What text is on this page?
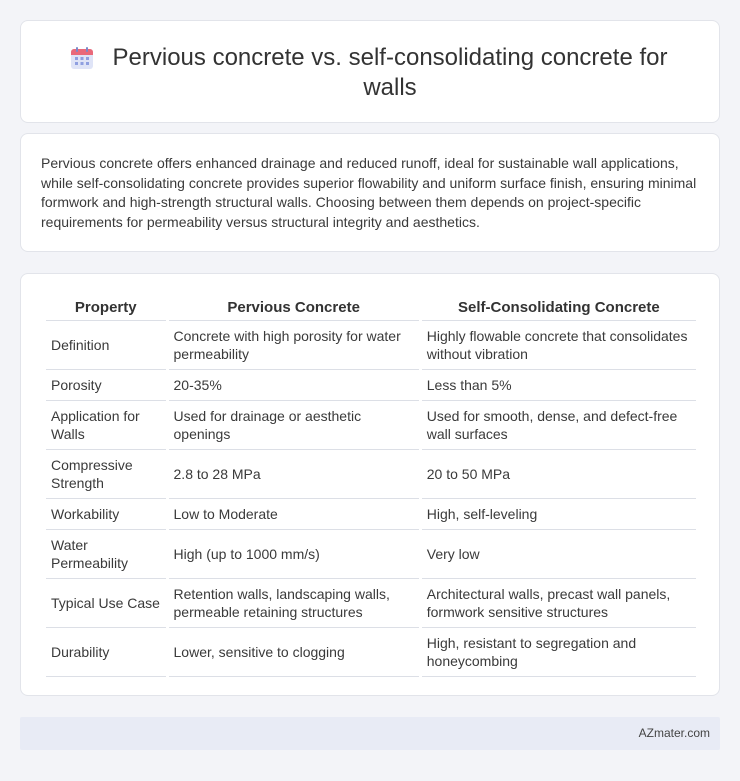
Pervious concrete vs. self-consolidating concrete for walls

Pervious concrete offers enhanced drainage and reduced runoff, ideal for sustainable wall applications, while self-consolidating concrete provides superior flowability and uniform surface finish, ensuring minimal formwork and high-strength structural walls. Choosing between them depends on project-specific requirements for permeability versus structural integrity and aesthetics.

Property	Pervious Concrete	Self-Consolidating Concrete
Definition	Concrete with high porosity for water permeability	Highly flowable concrete that consolidates without vibration
Porosity	20-35%	Less than 5%
Application for Walls	Used for drainage or aesthetic openings	Used for smooth, dense, and defect-free wall surfaces
Compressive Strength	2.8 to 28 MPa	20 to 50 MPa
Workability	Low to Moderate	High, self-leveling
Water Permeability	High (up to 1000 mm/s)	Very low
Typical Use Case	Retention walls, landscaping walls, permeable retaining structures	Architectural walls, precast wall panels, formwork sensitive structures
Durability	Lower, sensitive to clogging	High, resistant to segregation and honeycombing
AZmater.com
